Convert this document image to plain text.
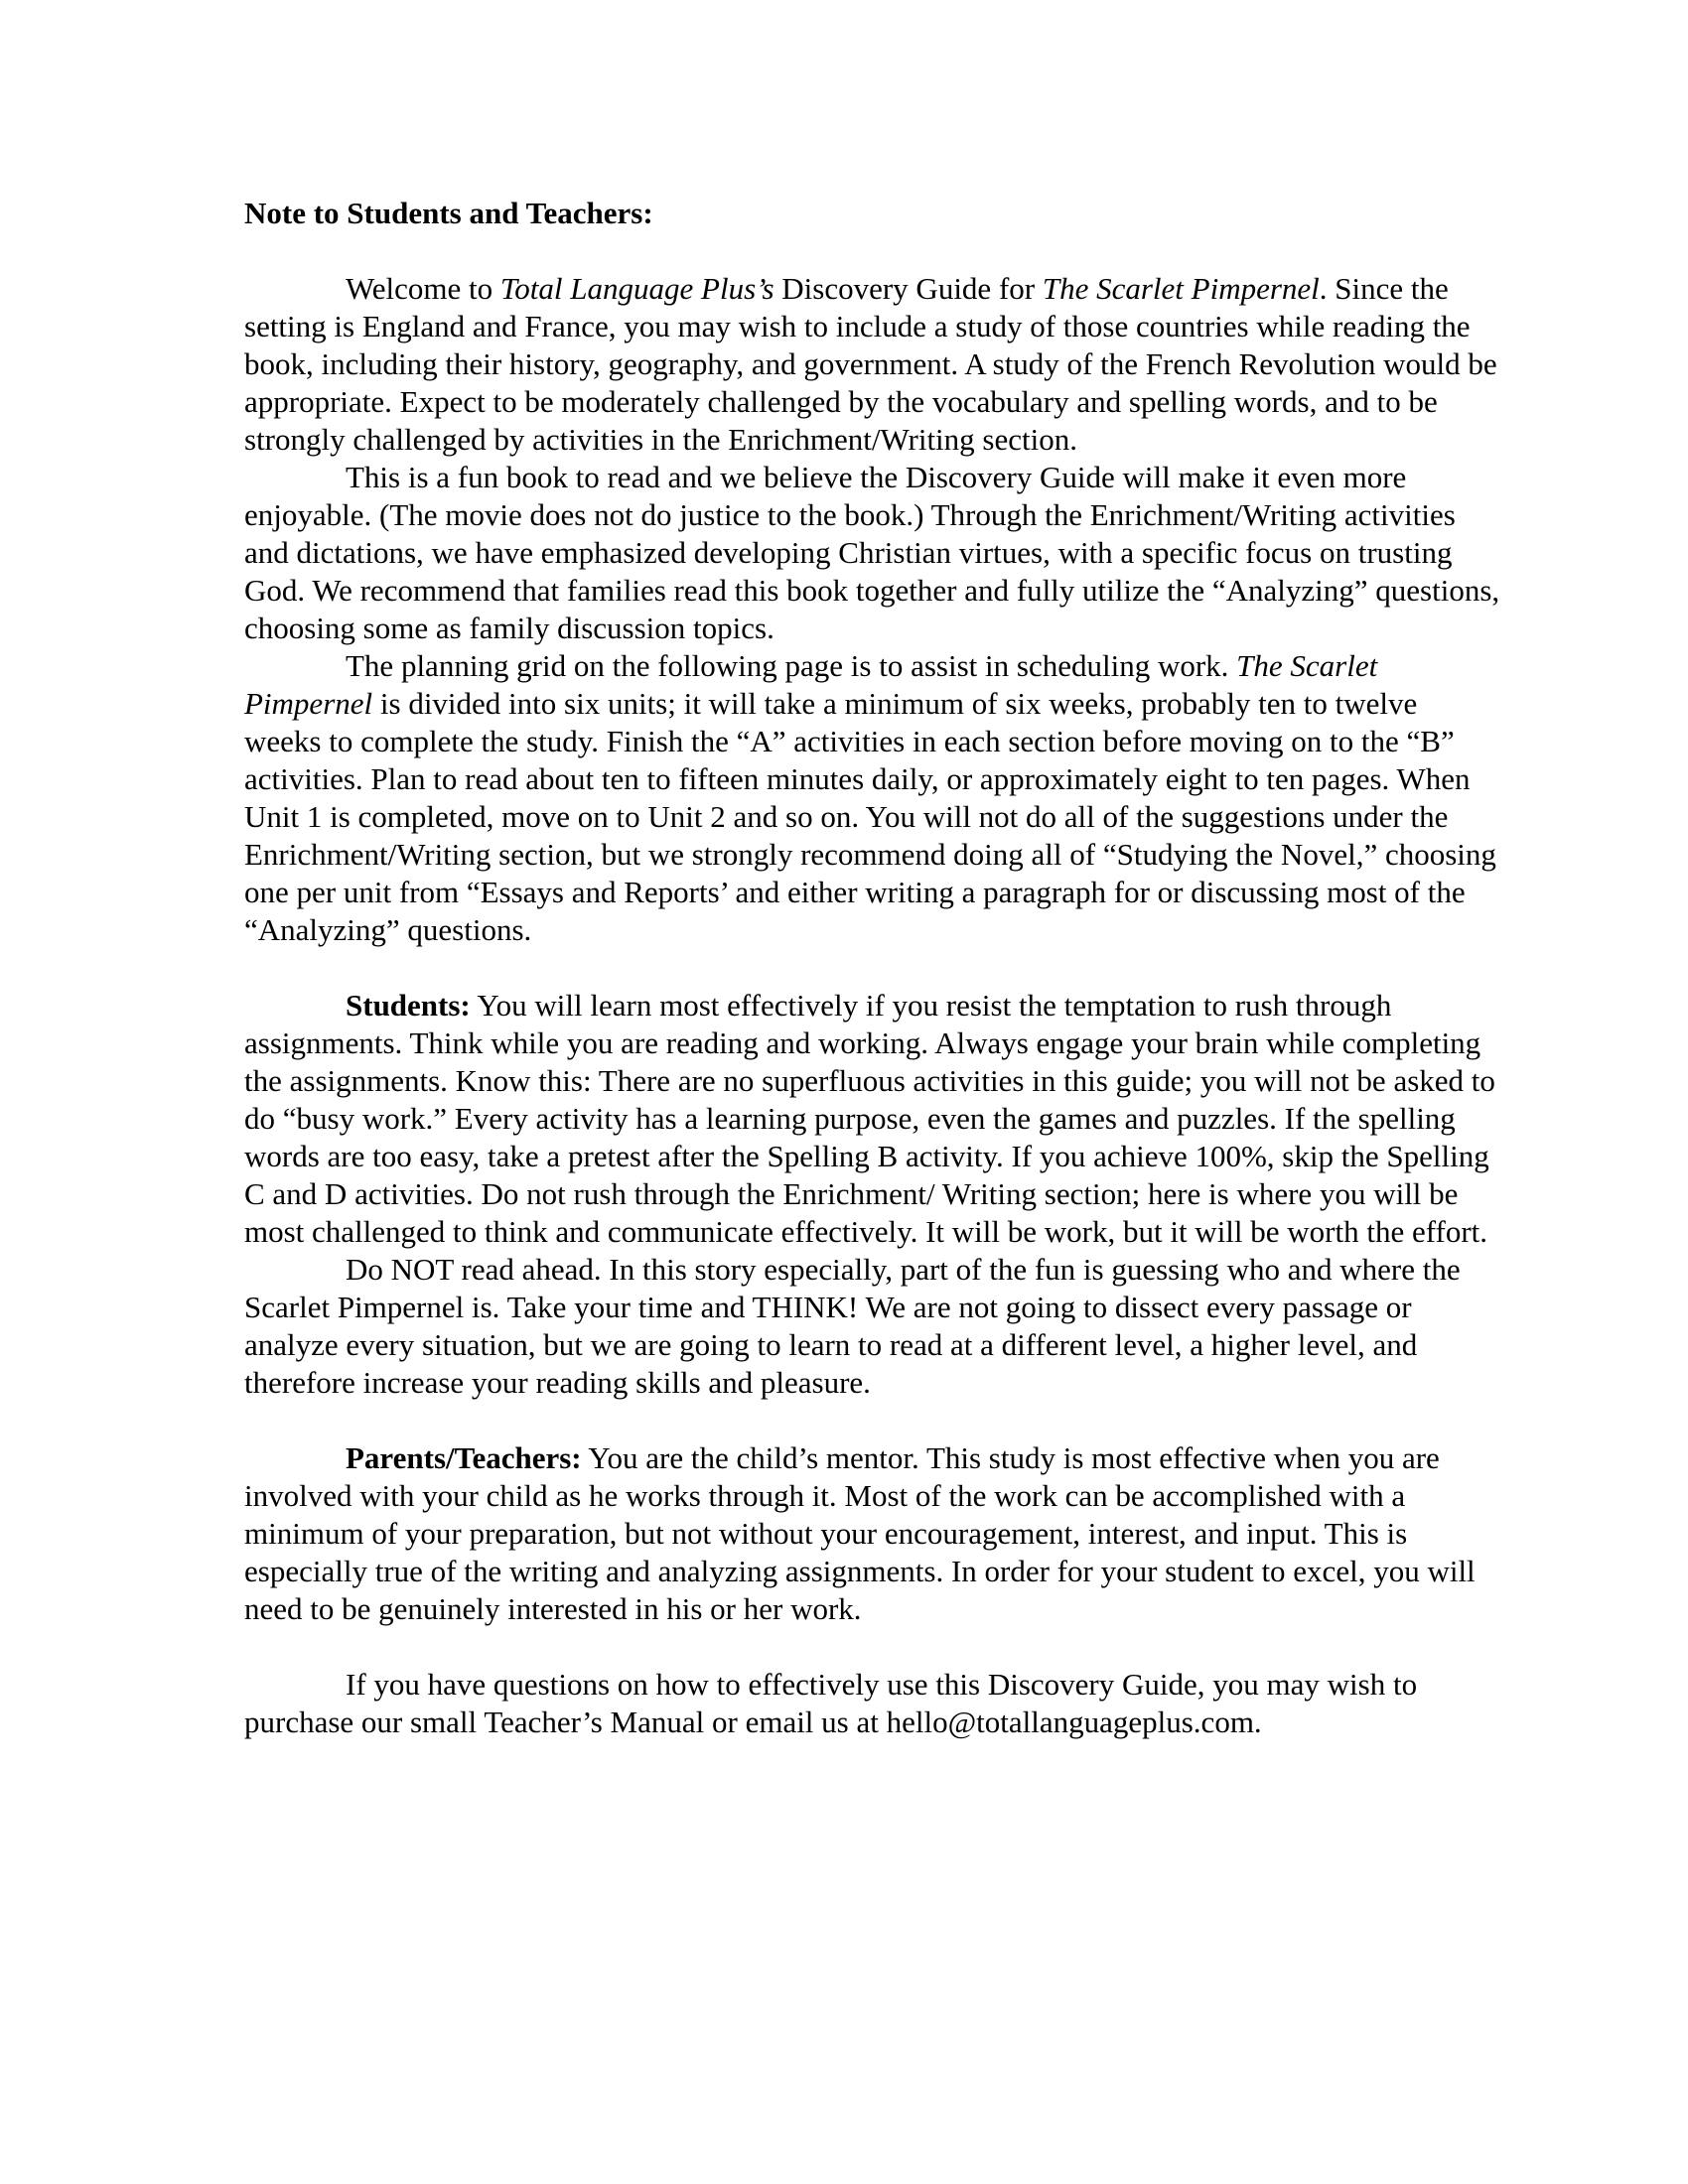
Note to Students and Teachers:

Welcome to Total Language Plus’s Discovery Guide for The Scarlet Pimpernel. Since the setting is England and France, you may wish to include a study of those countries while reading the book, including their history, geography, and government. A study of the French Revolution would be appropriate. Expect to be moderately challenged by the vocabulary and spelling words, and to be strongly challenged by activities in the Enrichment/Writing section.

This is a fun book to read and we believe the Discovery Guide will make it even more enjoyable. (The movie does not do justice to the book.) Through the Enrichment/Writing activities and dictations, we have emphasized developing Christian virtues, with a specific focus on trusting God. We recommend that families read this book together and fully utilize the “Analyzing” questions, choosing some as family discussion topics.

The planning grid on the following page is to assist in scheduling work. The Scarlet Pimpernel is divided into six units; it will take a minimum of six weeks, probably ten to twelve weeks to complete the study. Finish the “A” activities in each section before moving on to the “B” activities. Plan to read about ten to fifteen minutes daily, or approximately eight to ten pages. When Unit 1 is completed, move on to Unit 2 and so on. You will not do all of the suggestions under the Enrichment/Writing section, but we strongly recommend doing all of “Studying the Novel,” choosing one per unit from “Essays and Reports’ and either writing a paragraph for or discussing most of the “Analyzing” questions.

Students: You will learn most effectively if you resist the temptation to rush through assignments. Think while you are reading and working. Always engage your brain while completing the assignments. Know this: There are no superfluous activities in this guide; you will not be asked to do “busy work.” Every activity has a learning purpose, even the games and puzzles. If the spelling words are too easy, take a pretest after the Spelling B activity. If you achieve 100%, skip the Spelling C and D activities. Do not rush through the Enrichment/ Writing section; here is where you will be most challenged to think and communicate effectively. It will be work, but it will be worth the effort.

Do NOT read ahead. In this story especially, part of the fun is guessing who and where the Scarlet Pimpernel is. Take your time and THINK! We are not going to dissect every passage or analyze every situation, but we are going to learn to read at a different level, a higher level, and therefore increase your reading skills and pleasure.

Parents/Teachers: You are the child’s mentor. This study is most effective when you are involved with your child as he works through it. Most of the work can be accomplished with a minimum of your preparation, but not without your encouragement, interest, and input. This is especially true of the writing and analyzing assignments. In order for your student to excel, you will need to be genuinely interested in his or her work.

If you have questions on how to effectively use this Discovery Guide, you may wish to purchase our small Teacher’s Manual or email us at hello@totallanguageplus.com.
